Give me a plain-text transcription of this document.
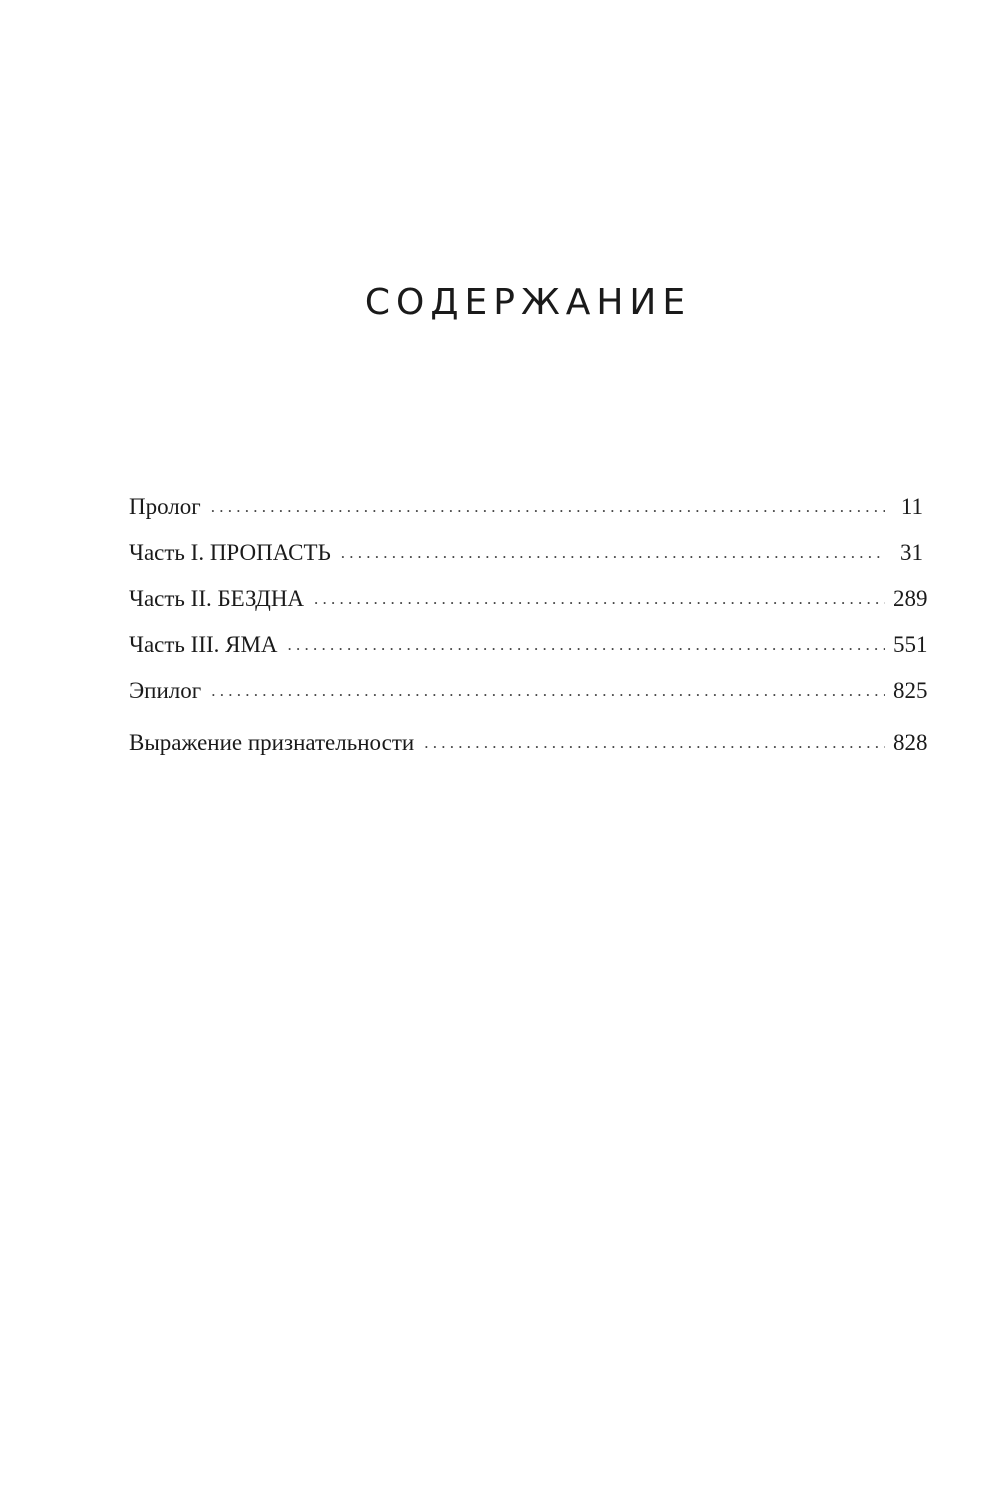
СОДЕРЖАНИЕ
Пролог . . .	11
Часть I. ПРОПАСТЬ . . .	31
Часть II. БЕЗДНА . . .	289
Часть III. ЯМА . . .	551
Эпилог . . .	825
Выражение признательности . . .	828
